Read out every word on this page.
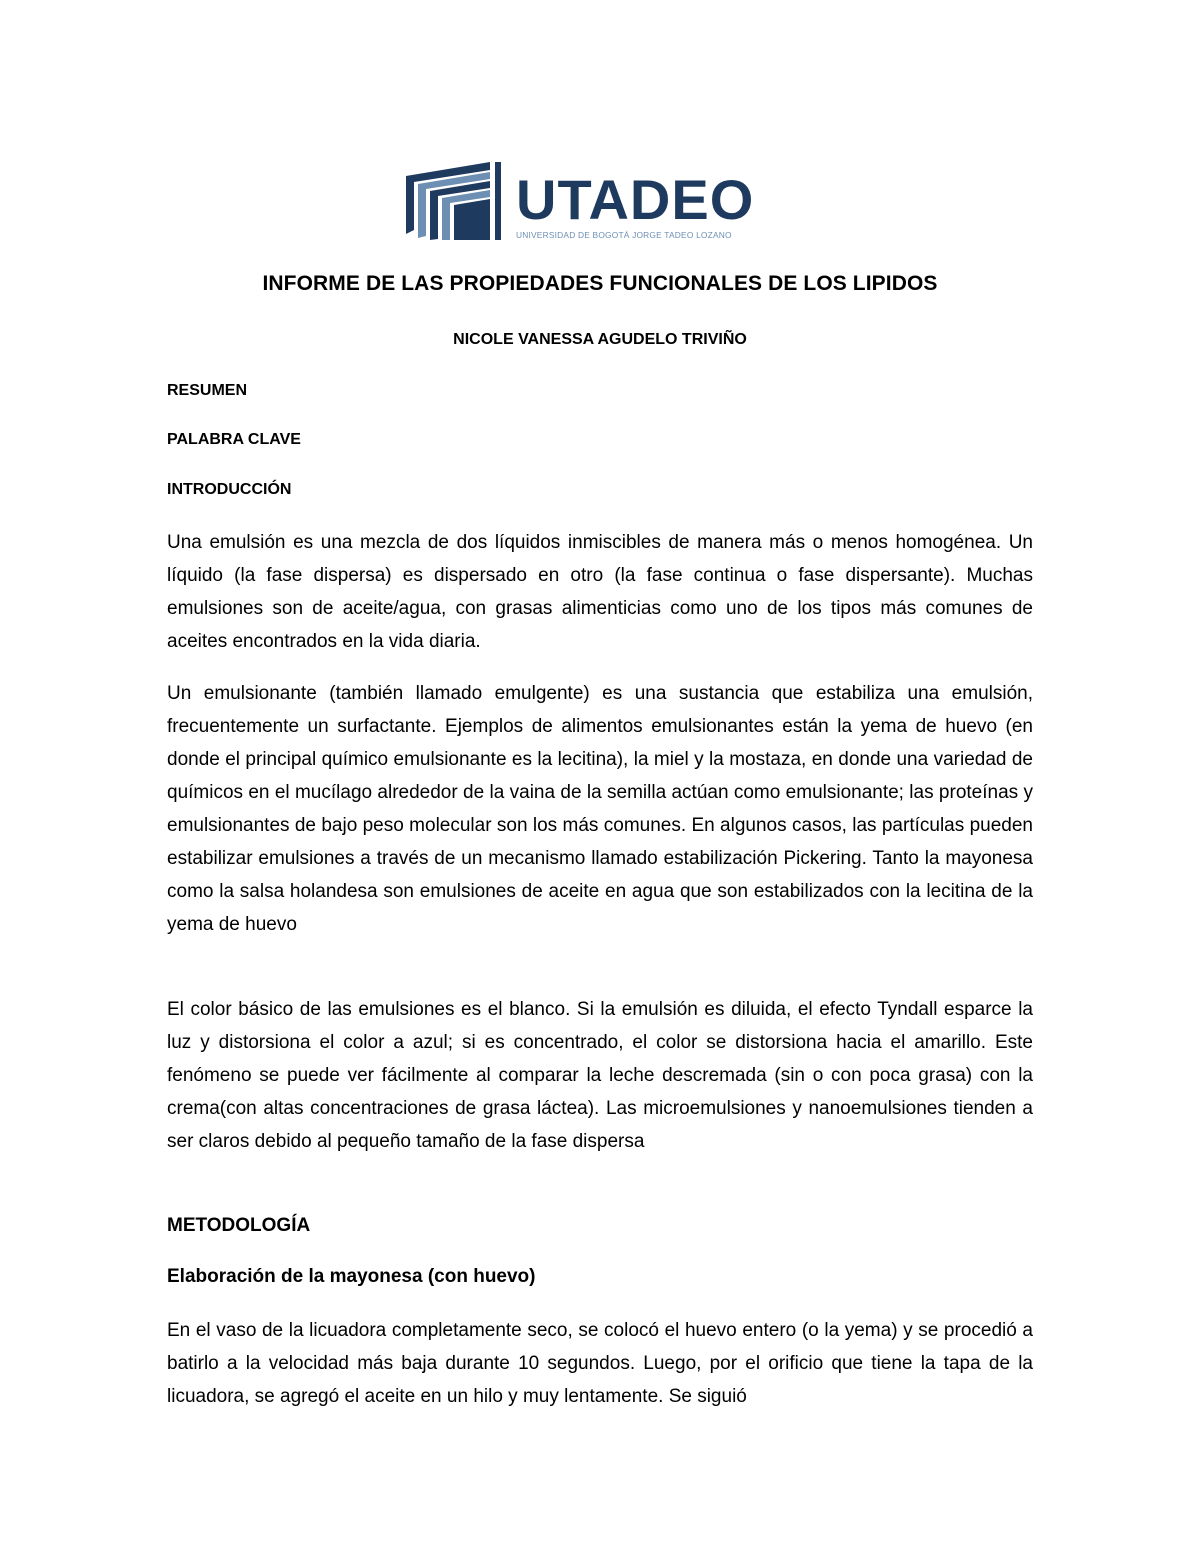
UTADEO
UNIVERSIDAD DE BOGOTÁ JORGE TADEO LOZANO
INFORME DE LAS PROPIEDADES FUNCIONALES DE LOS LIPIDOS
NICOLE VANESSA AGUDELO TRIVIÑO
RESUMEN
PALABRA CLAVE
INTRODUCCIÓN

Una emulsión es una mezcla de dos líquidos inmiscibles de manera más o menos homogénea. Un líquido (la fase dispersa) es dispersado en otro (la fase continua o fase dispersante). Muchas emulsiones son de aceite/agua, con grasas alimenticias como uno de los tipos más comunes de aceites encontrados en la vida diaria.

Un emulsionante (también llamado emulgente) es una sustancia que estabiliza una emulsión, frecuentemente un surfactante. Ejemplos de alimentos emulsionantes están la yema de huevo (en donde el principal químico emulsionante es la lecitina), la miel y la mostaza, en donde una variedad de químicos en el mucílago alrededor de la vaina de la semilla actúan como emulsionante; las proteínas y emulsionantes de bajo peso molecular son los más comunes. En algunos casos, las partículas pueden estabilizar emulsiones a través de un mecanismo llamado estabilización Pickering. Tanto la mayonesa como la salsa holandesa son emulsiones de aceite en agua que son estabilizados con la lecitina de la yema de huevo

El color básico de las emulsiones es el blanco. Si la emulsión es diluida, el efecto Tyndall esparce la luz y distorsiona el color a azul; si es concentrado, el color se distorsiona hacia el amarillo. Este fenómeno se puede ver fácilmente al comparar la leche descremada (sin o con poca grasa) con la crema(con altas concentraciones de grasa láctea). Las microemulsiones y nanoemulsiones tienden a ser claros debido al pequeño tamaño de la fase dispersa

METODOLOGÍA
Elaboración de la mayonesa (con huevo)

En el vaso de la licuadora completamente seco, se colocó el huevo entero (o la yema) y se procedió a batirlo a la velocidad más baja durante 10 segundos. Luego, por el orificio que tiene la tapa de la licuadora, se agregó el aceite en un hilo y muy lentamente. Se siguió
